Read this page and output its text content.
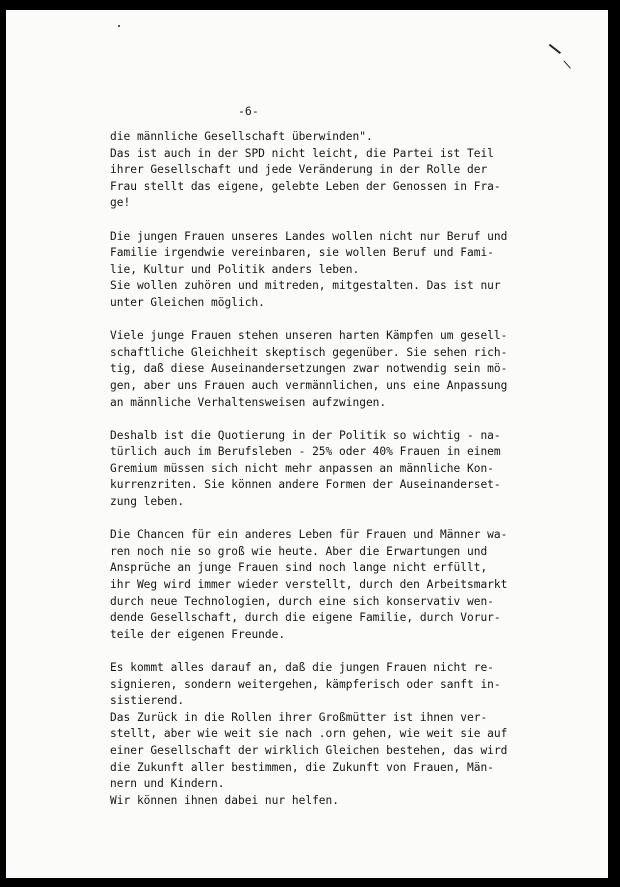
-6-
die männliche Gesellschaft überwinden".
Das ist auch in der SPD nicht leicht, die Partei ist Teil
ihrer Gesellschaft und jede Veränderung in der Rolle der
Frau stellt das eigene, gelebte Leben der Genossen in Fra-
ge!
Die jungen Frauen unseres Landes wollen nicht nur Beruf und
Familie irgendwie vereinbaren, sie wollen Beruf und Fami-
lie, Kultur und Politik anders leben.
Sie wollen zuhören und mitreden, mitgestalten. Das ist nur
unter Gleichen möglich.
Viele junge Frauen stehen unseren harten Kämpfen um gesell-
schaftliche Gleichheit skeptisch gegenüber. Sie sehen rich-
tig, daß diese Auseinandersetzungen zwar notwendig sein mö-
gen, aber uns Frauen auch vermännlichen, uns eine Anpassung
an männliche Verhaltensweisen aufzwingen.
Deshalb ist die Quotierung in der Politik so wichtig - na-
türlich auch im Berufsleben - 25% oder 40% Frauen in einem
Gremium müssen sich nicht mehr anpassen an männliche Kon-
kurrenzriten. Sie können andere Formen der Auseinanderset-
zung leben.
Die Chancen für ein anderes Leben für Frauen und Männer wa-
ren noch nie so groß wie heute. Aber die Erwartungen und
Ansprüche an junge Frauen sind noch lange nicht erfüllt,
ihr Weg wird immer wieder verstellt, durch den Arbeitsmarkt
durch neue Technologien, durch eine sich konservativ wen-
dende Gesellschaft, durch die eigene Familie, durch Vorur-
teile der eigenen Freunde.
Es kommt alles darauf an, daß die jungen Frauen nicht re-
signieren, sondern weitergehen, kämpferisch oder sanft in-
sistierend.
Das Zurück in die Rollen ihrer Großmütter ist ihnen ver-
stellt, aber wie weit sie nach .orn gehen, wie weit sie auf
einer Gesellschaft der wirklich Gleichen bestehen, das wird
die Zukunft aller bestimmen, die Zukunft von Frauen, Män-
nern und Kindern.
Wir können ihnen dabei nur helfen.
